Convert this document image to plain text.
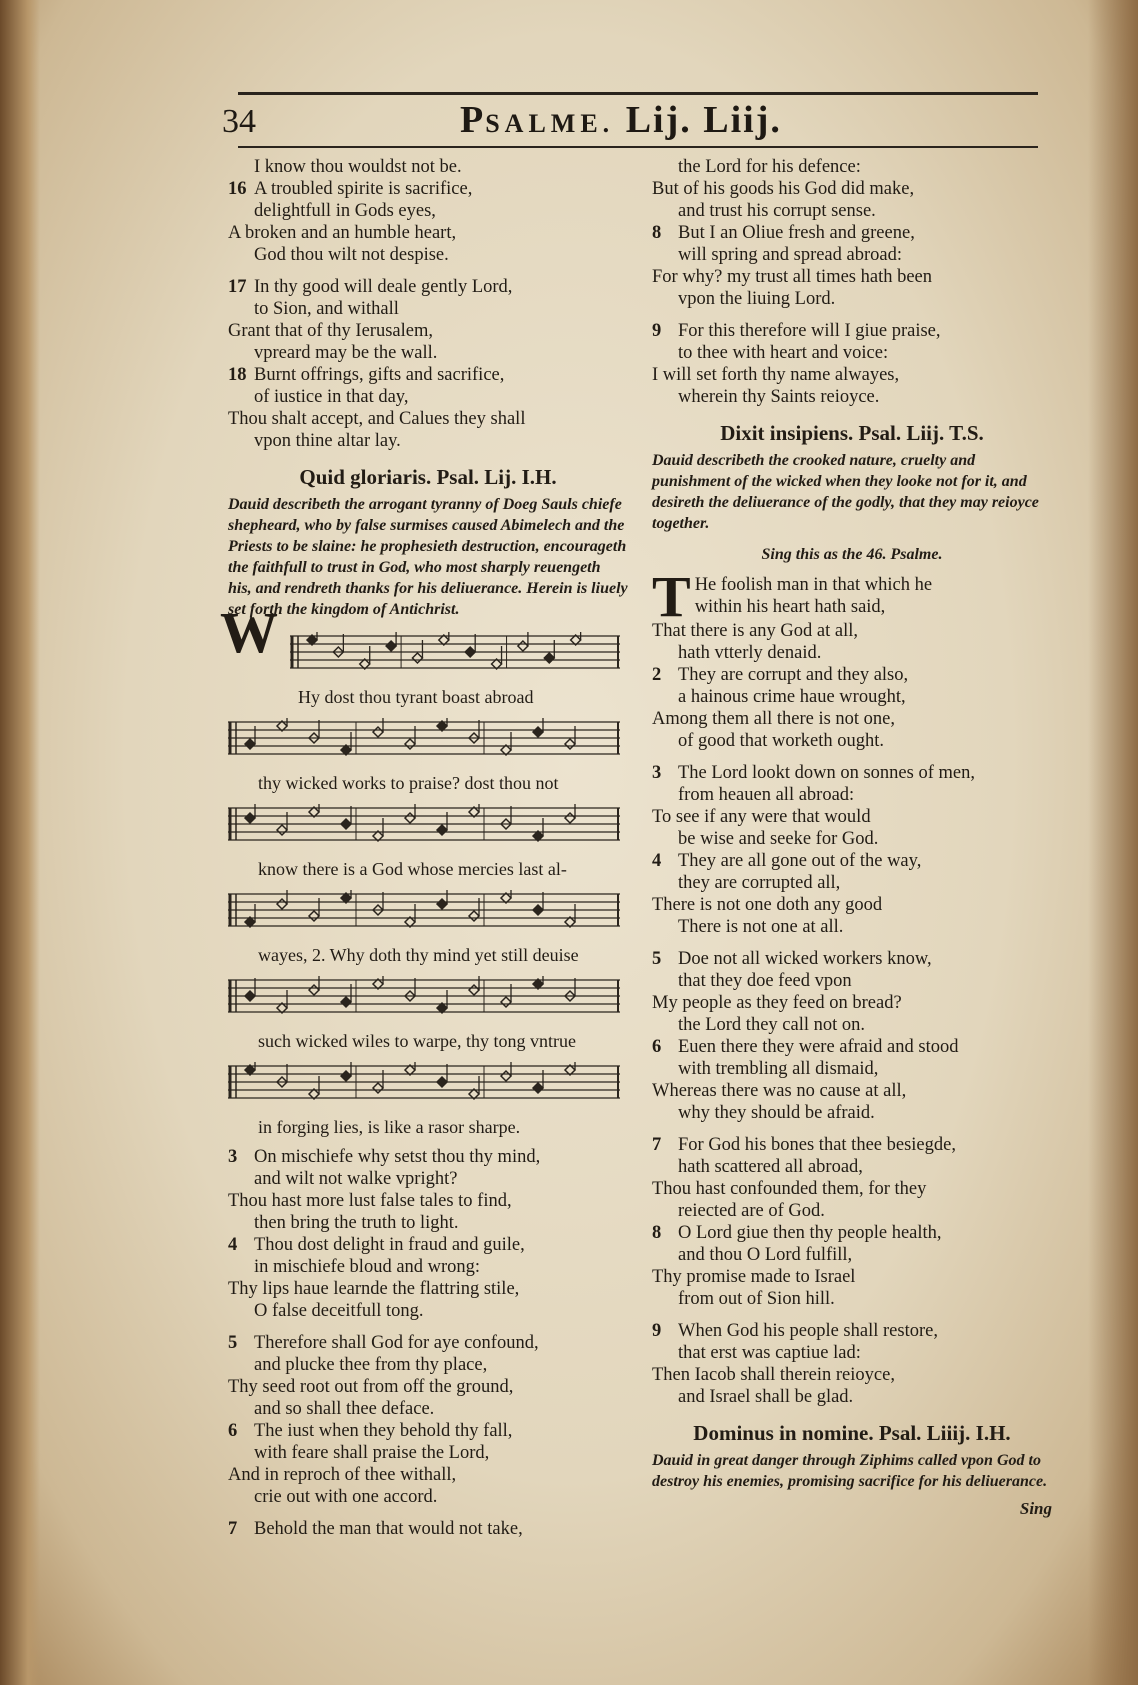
34	PSALME. Lij. Liij.
I know thou wouldst not be.
16 A troubled spirite is sacrifice,
delightfull in Gods eyes,
A broken and an humble heart,
God thou wilt not despise.
17 In thy good will deale gently Lord,
to Sion, and withall
Grant that of thy Ierusalem,
vpreard may be the wall.
18 Burnt offrings, gifts and sacrifice,
of iustice in that day,
Thou shalt accept, and Calues they shall
vpon thine altar lay.
Quid gloriaris. Psal. Lij. I.H.
Dauid describeth the arrogant tyranny of Doeg Sauls chiefe shepheard, who by false surmises caused Abimelech and the Priests to be slaine: he prophesieth destruction, encourageth the faithfull to trust in God, who most sharply reuengeth his, and rendreth thanks for his deliuerance. Herein is liuely set forth the kingdom of Antichrist.
W
Hy dost thou tyrant boast abroad
thy wicked works to praise? dost thou not
know there is a God whose mercies last al-
wayes, 2. Why doth thy mind yet still deuise
such wicked wiles to warpe, thy tong vntrue
in forging lies, is like a rasor sharpe.
3 On mischiefe why setst thou thy mind,
and wilt not walke vpright?
Thou hast more lust false tales to find,
then bring the truth to light.
4 Thou dost delight in fraud and guile,
in mischiefe bloud and wrong:
Thy lips haue learnde the flattring stile,
O false deceitfull tong.
5 Therefore shall God for aye confound,
and plucke thee from thy place,
Thy seed root out from off the ground,
and so shall thee deface.
6 The iust when they behold thy fall,
with feare shall praise the Lord,
And in reproch of thee withall,
crie out with one accord.
7 Behold the man that would not take,
the Lord for his defence:
But of his goods his God did make,
and trust his corrupt sense.
8 But I an Oliue fresh and greene,
will spring and spread abroad:
For why? my trust all times hath been
vpon the liuing Lord.
9 For this therefore will I giue praise,
to thee with heart and voice:
I will set forth thy name alwayes,
wherein thy Saints reioyce.
Dixit insipiens. Psal. Liij. T.S.
Dauid describeth the crooked nature, cruelty and punishment of the wicked when they looke not for it, and desireth the deliuerance of the godly, that they may reioyce together.
Sing this as the 46. Psalme.
T He foolish man in that which he
within his heart hath said,
That there is any God at all,
hath vtterly denaid.
2 They are corrupt and they also,
a hainous crime haue wrought,
Among them all there is not one,
of good that worketh ought.
3 The Lord lookt down on sonnes of men,
from heauen all abroad:
To see if any were that would
be wise and seeke for God.
4 They are all gone out of the way,
they are corrupted all,
There is not one doth any good
There is not one at all.
5 Doe not all wicked workers know,
that they doe feed vpon
My people as they feed on bread?
the Lord they call not on.
6 Euen there they were afraid and stood
with trembling all dismaid,
Whereas there was no cause at all,
why they should be afraid.
7 For God his bones that thee besiegde,
hath scattered all abroad,
Thou hast confounded them, for they
reiected are of God.
8 O Lord giue then thy people health,
and thou O Lord fulfill,
Thy promise made to Israel
from out of Sion hill.
9 When God his people shall restore,
that erst was captiue lad:
Then Iacob shall therein reioyce,
and Israel shall be glad.
Dominus in nomine. Psal. Liiij. I.H.
Dauid in great danger through Ziphims called vpon God to destroy his enemies, promising sacrifice for his deliuerance.
Sing
